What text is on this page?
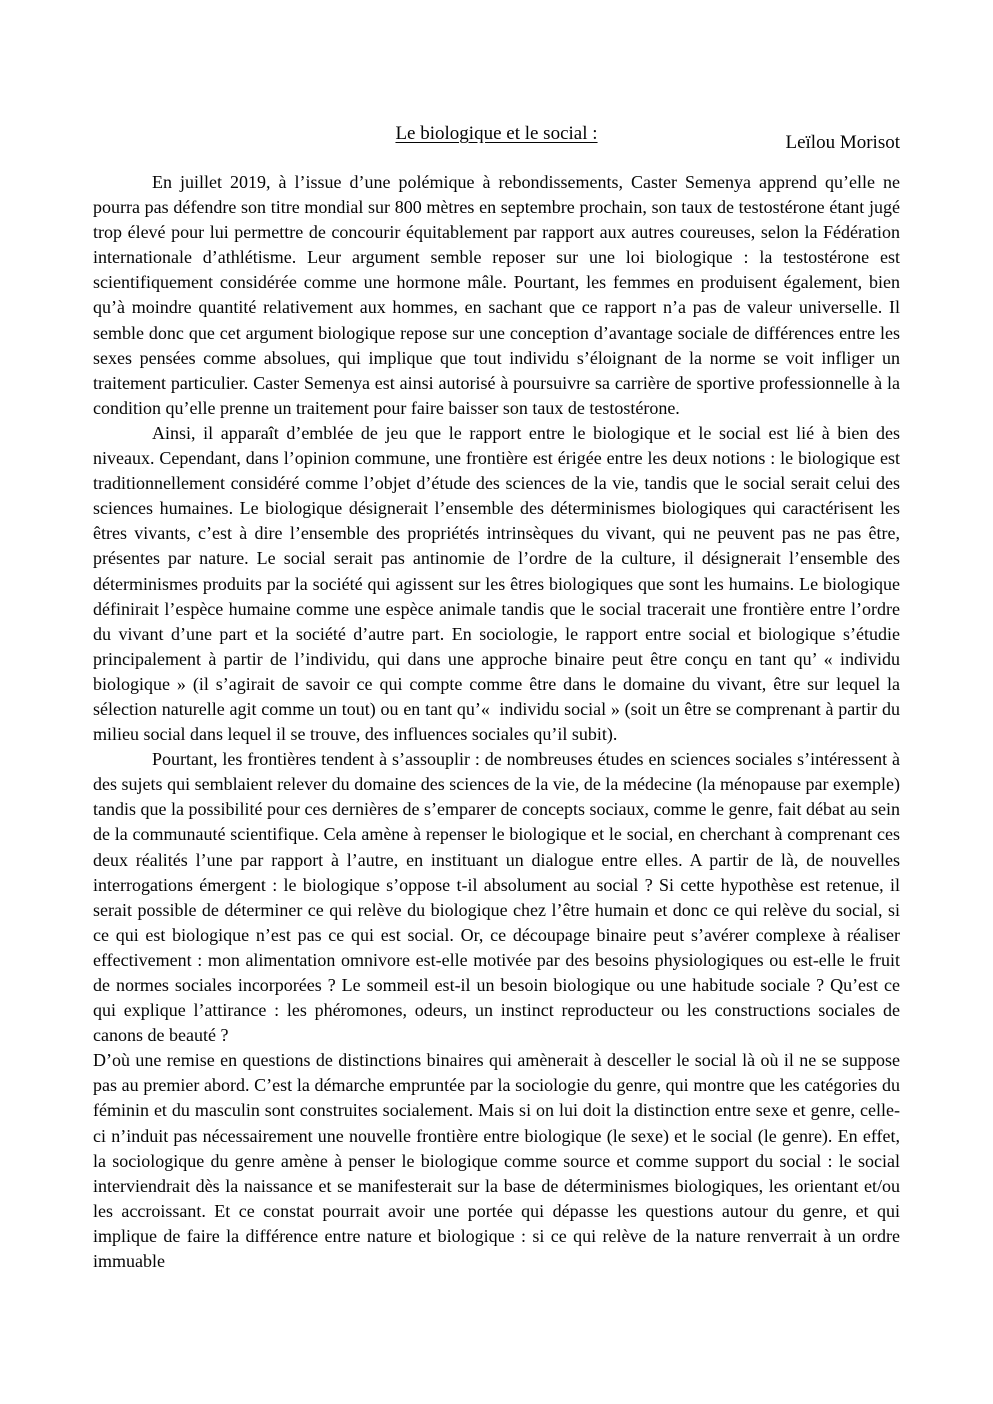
Le biologique et le social :	Leïlou Morisot

En juillet 2019, à l’issue d’une polémique à rebondissements, Caster Semenya apprend qu’elle ne pourra pas défendre son titre mondial sur 800 mètres en septembre prochain, son taux de testostérone étant jugé trop élevé pour lui permettre de concourir équitablement par rapport aux autres coureuses, selon la Fédération internationale d’athlétisme. Leur argument semble reposer sur une loi biologique : la testostérone est scientifiquement considérée comme une hormone mâle. Pourtant, les femmes en produisent également, bien qu’à moindre quantité relativement aux hommes, en sachant que ce rapport n’a pas de valeur universelle. Il semble donc que cet argument biologique repose sur une conception d’avantage sociale de différences entre les sexes pensées comme absolues, qui implique que tout individu s’éloignant de la norme se voit infliger un traitement particulier. Caster Semenya est ainsi autorisé à poursuivre sa carrière de sportive professionnelle à la condition qu’elle prenne un traitement pour faire baisser son taux de testostérone.

Ainsi, il apparaît d’emblée de jeu que le rapport entre le biologique et le social est lié à bien des niveaux. Cependant, dans l’opinion commune, une frontière est érigée entre les deux notions : le biologique est traditionnellement considéré comme l’objet d’étude des sciences de la vie, tandis que le social serait celui des sciences humaines. Le biologique désignerait l’ensemble des déterminismes biologiques qui caractérisent les êtres vivants, c’est à dire l’ensemble des propriétés intrinsèques du vivant, qui ne peuvent pas ne pas être, présentes par nature. Le social serait pas antinomie de l’ordre de la culture, il désignerait l’ensemble des déterminismes produits par la société qui agissent sur les êtres biologiques que sont les humains. Le biologique définirait l’espèce humaine comme une espèce animale tandis que le social tracerait une frontière entre l’ordre du vivant d’une part et la société d’autre part. En sociologie, le rapport entre social et biologique s’étudie principalement à partir de l’individu, qui dans une approche binaire peut être conçu en tant qu’ « individu biologique » (il s’agirait de savoir ce qui compte comme être dans le domaine du vivant, être sur lequel la sélection naturelle agit comme un tout) ou en tant qu’«  individu social » (soit un être se comprenant à partir du milieu social dans lequel il se trouve, des influences sociales qu’il subit).

Pourtant, les frontières tendent à s’assouplir : de nombreuses études en sciences sociales s’intéressent à des sujets qui semblaient relever du domaine des sciences de la vie, de la médecine (la ménopause par exemple) tandis que la possibilité pour ces dernières de s’emparer de concepts sociaux, comme le genre, fait débat au sein de la communauté scientifique. Cela amène à repenser le biologique et le social, en cherchant à comprenant ces deux réalités l’une par rapport à l’autre, en instituant un dialogue entre elles. A partir de là, de nouvelles interrogations émergent : le biologique s’oppose t-il absolument au social ? Si cette hypothèse est retenue, il serait possible de déterminer ce qui relève du biologique chez l’être humain et donc ce qui relève du social, si ce qui est biologique n’est pas ce qui est social. Or, ce découpage binaire peut s’avérer complexe à réaliser effectivement : mon alimentation omnivore est-elle motivée par des besoins physiologiques ou est-elle le fruit de normes sociales incorporées ? Le sommeil est-il un besoin biologique ou une habitude sociale ? Qu’est ce qui explique l’attirance : les phéromones, odeurs, un instinct reproducteur ou les constructions sociales de canons de beauté ?

D’où une remise en questions de distinctions binaires qui amènerait à desceller le social là où il ne se suppose pas au premier abord. C’est la démarche empruntée par la sociologie du genre, qui montre que les catégories du féminin et du masculin sont construites socialement. Mais si on lui doit la distinction entre sexe et genre, celle-ci n’induit pas nécessairement une nouvelle frontière entre biologique (le sexe) et le social (le genre). En effet, la sociologique du genre amène à penser le biologique comme source et comme support du social : le social interviendrait dès la naissance et se manifesterait sur la base de déterminismes biologiques, les orientant et/ou les accroissant. Et ce constat pourrait avoir une portée qui dépasse les questions autour du genre, et qui implique de faire la différence entre nature et biologique : si ce qui relève de la nature renverrait à un ordre immuable
